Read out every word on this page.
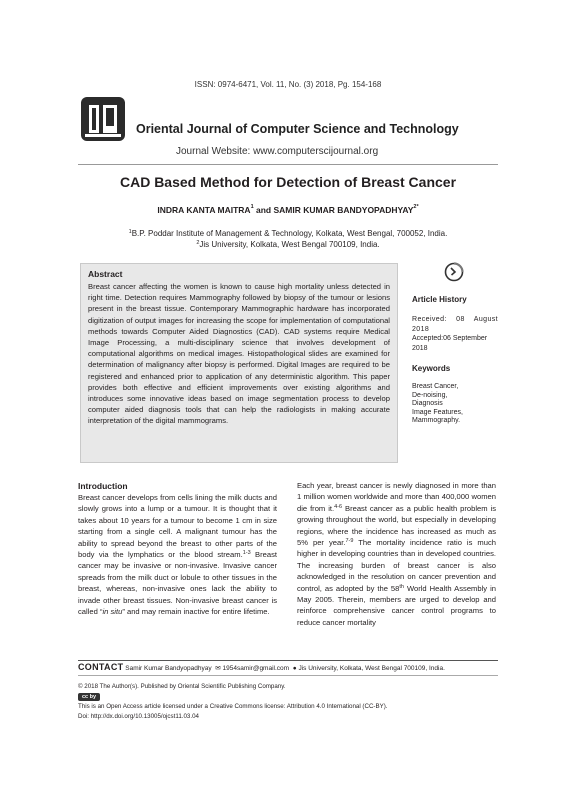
ISSN: 0974-6471, Vol. 11, No. (3) 2018, Pg. 154-168
Oriental Journal of Computer Science and Technology
Journal Website: www.computerscijournal.org
CAD Based Method for Detection of Breast Cancer
INDRA KANTA MAITRA$^1$ and SAMIR KUMAR $BANDYOPADHYAY^{2*}$
$^1$B.P. Poddar Institute of Management & Technology, Kolkata, West Bengal, 700052, India.
$^2$Jis University, Kolkata, West Bengal 700109, India.
Abstract
Breast cancer affecting the women is known to cause high mortality unless detected in right time. Detection requires Mammography followed by biopsy of the tumour or lesions present in the breast tissue. Contemporary Mammographic hardware has incorporated digitization of output images for increasing the scope for implementation of computational methods towards Computer Aided Diagnostics (CAD). CAD systems require Medical Image Processing, a multi-disciplinary science that involves development of computational algorithms on medical images. Histopathological slides are examined for determination of malignancy after biopsy is performed. Digital Images are required to be registered and enhanced prior to application of any deterministic algorithm. This paper provides both effective and efficient improvements over existing algorithms and introduces some innovative ideas based on image segmentation process to develop computer aided diagnosis tools that can help the radiologists in making accurate interpretation of the digital mammograms.
Article History
Received: 08 August 2018
Accepted:06 September 2018
Keywords
Breast Cancer,
De-noising,
Diagnosis
Image Features,
Mammography.
Introduction
Breast cancer develops from cells lining the milk ducts and slowly grows into a lump or a tumour. It is thought that it takes about 10 years for a tumour to become 1 cm in size starting from a single cell. A malignant tumour has the ability to spread beyond the breast to other parts of the body via the lymphatics or the blood stream.$^{1-3}$ Breast cancer may be invasive or non-invasive. Invasive cancer spreads from the milk duct or lobule to other tissues in the breast, whereas, non-invasive ones lack the ability to invade other breast tissues. Non-invasive breast cancer is called “in situ” and may remain inactive for entire lifetime.
Each year, breast cancer is newly diagnosed in more than 1 million women worldwide and more than 400,000 women die from it.$^{4-6}$ Breast cancer as a public health problem is growing throughout the world, but especially in developing regions, where the incidence has increased as much as 5% per year.$^{7-9}$ The mortality incidence ratio is much higher in developing countries than in developed countries. The increasing burden of breast cancer is also acknowledged in the resolution on cancer prevention and control, as adopted by the 58th World Health Assembly in May 2005. Therein, members are urged to develop and reinforce comprehensive cancer control programs to reduce cancer mortality
CONTACT Samir Kumar Bandyopadhyay ✉ 1954samir@gmail.com ● Jis University, Kolkata, West Bengal 700109, India.
© 2018 The Author(s). Published by Oriental Scientific Publishing Company.
cc by
This is an Open Access article licensed under a Creative Commons license: Attribution 4.0 International (CC-BY).
Doi: http://dx.doi.org/10.13005/ojcst11.03.04
